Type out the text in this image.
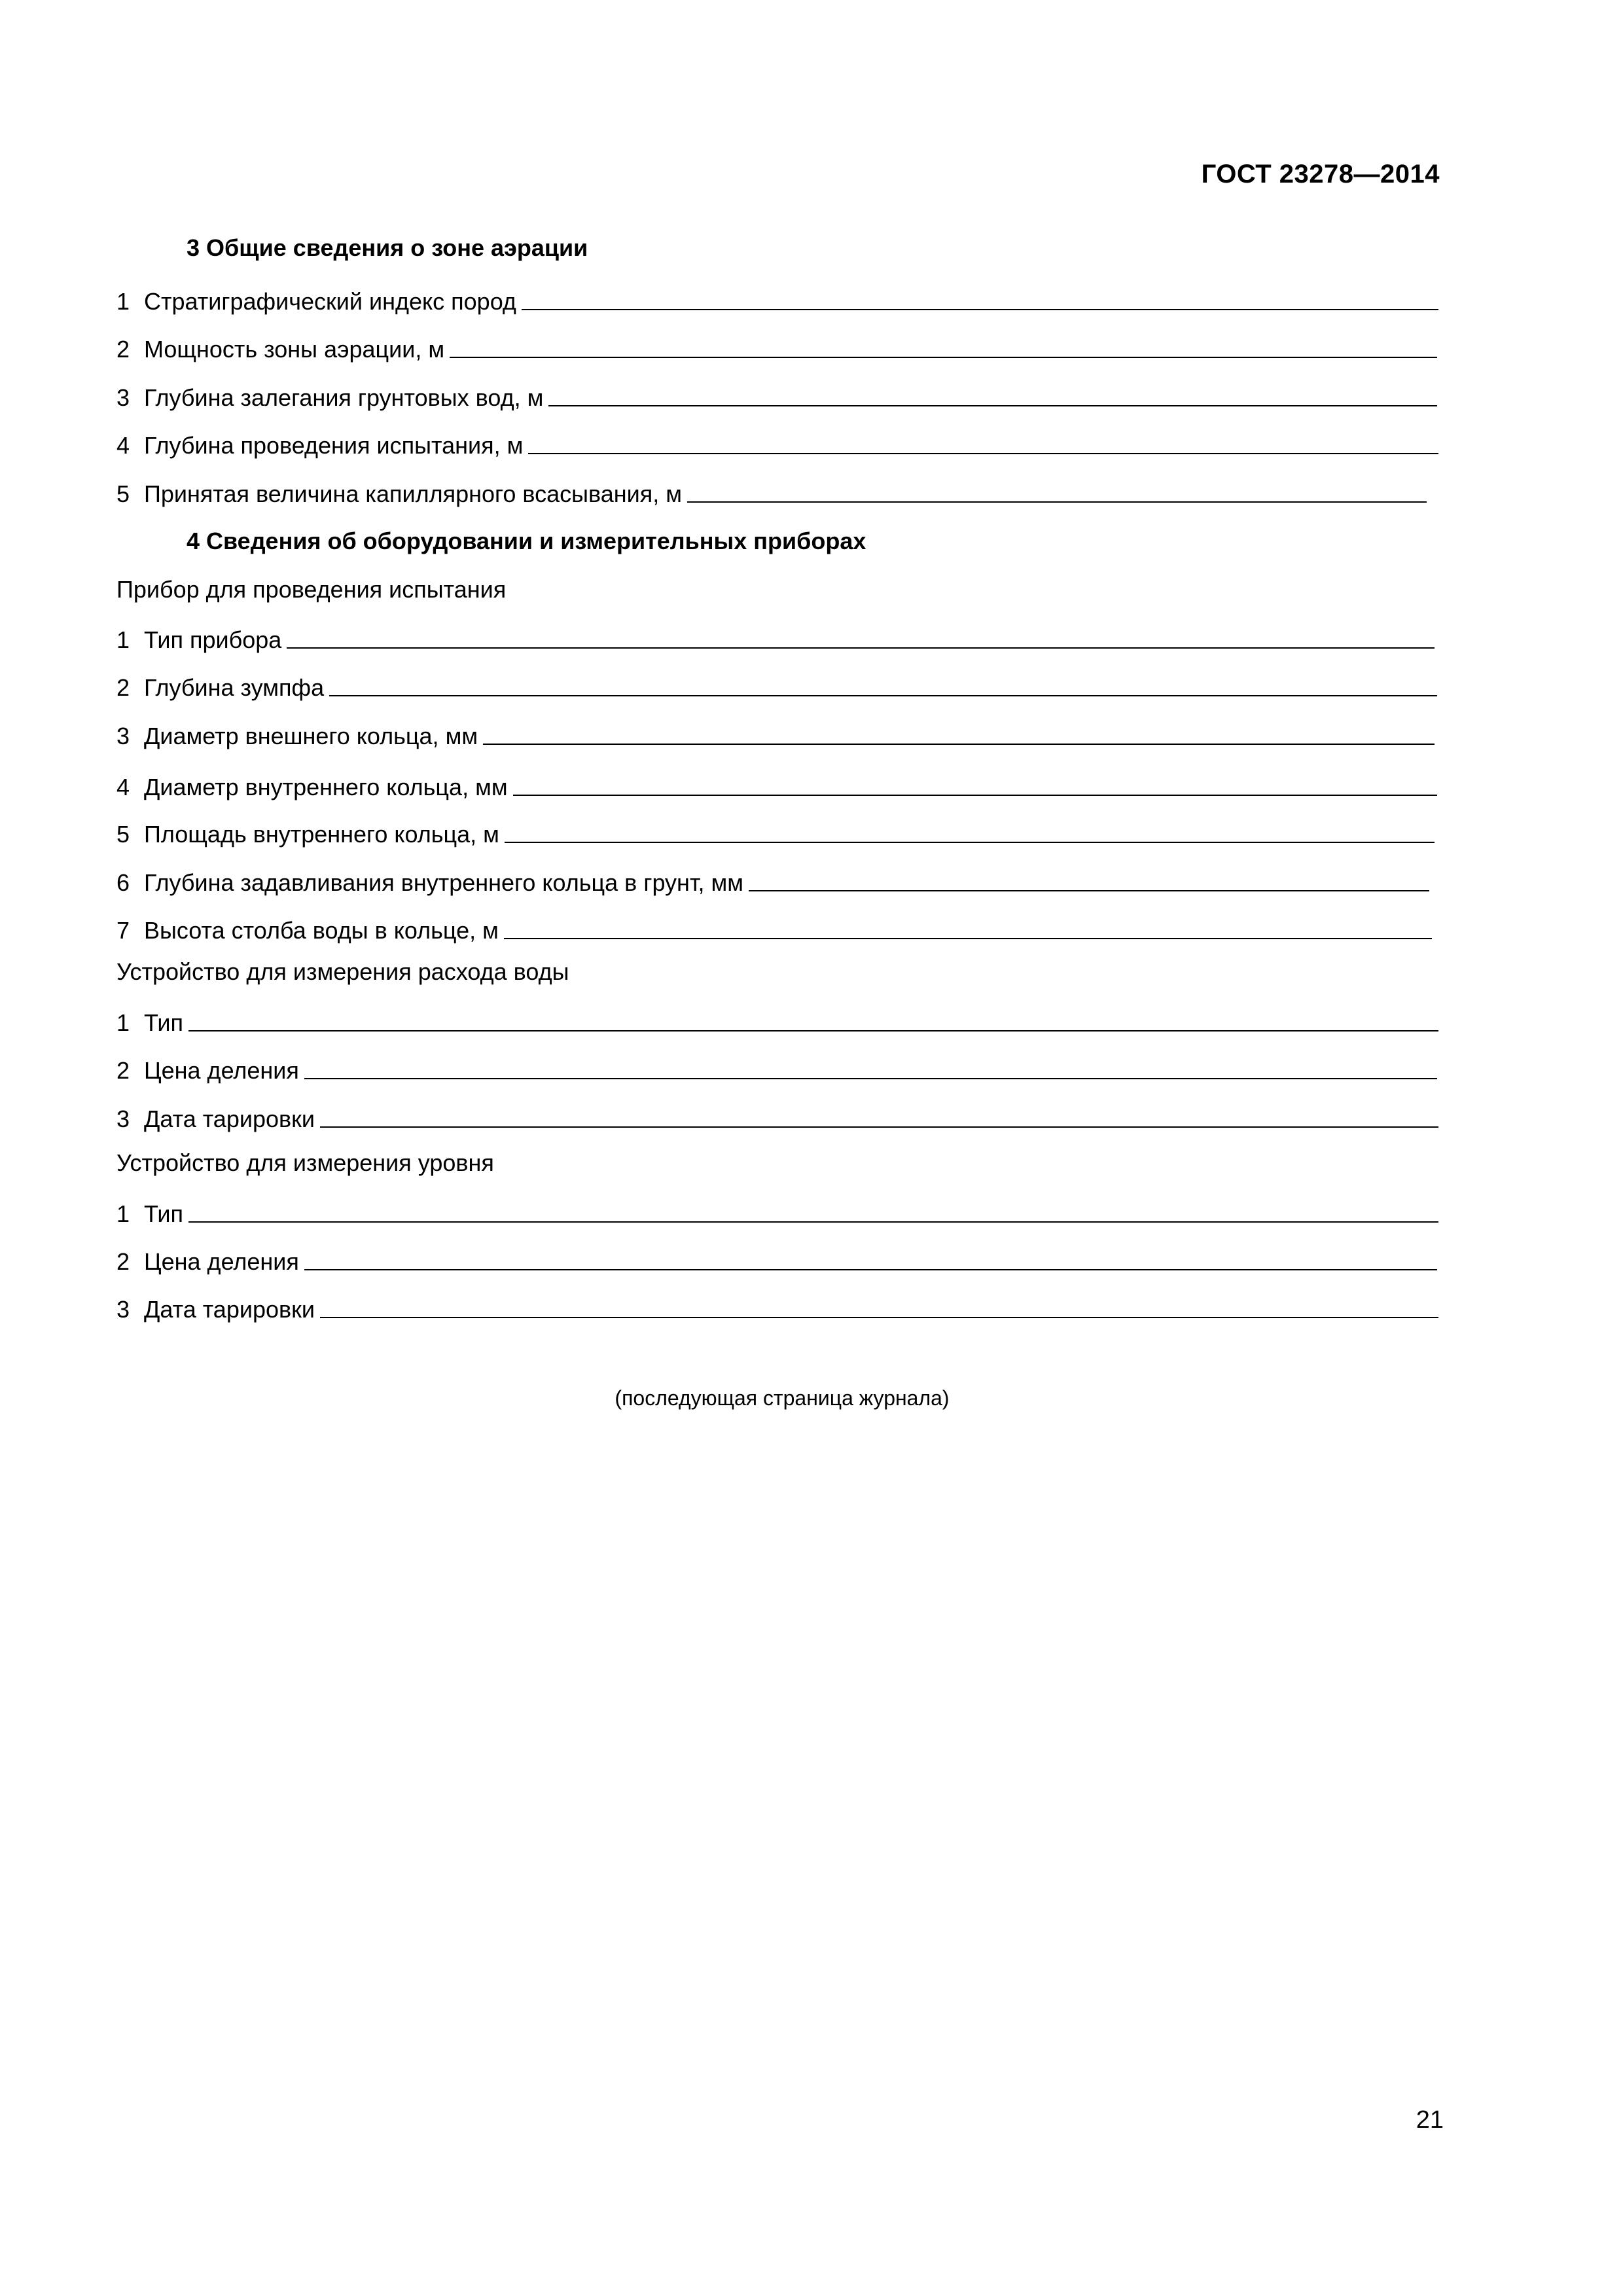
ГОСТ 23278—2014
3 Общие сведения о зоне аэрации
1 Стратиграфический индекс пород
2 Мощность зоны аэрации, м
3 Глубина залегания грунтовых вод, м
4 Глубина проведения испытания, м
5 Принятая величина капиллярного всасывания, м
4 Сведения об оборудовании и измерительных приборах
Прибор для проведения испытания
1 Тип прибора
2 Глубина зумпфа
3 Диаметр внешнего кольца, мм
4 Диаметр внутреннего кольца, мм
5 Площадь внутреннего кольца, м
6 Глубина задавливания внутреннего кольца в грунт, мм
7 Высота столба воды в кольце, м
Устройство для измерения расхода воды
1 Тип
2 Цена деления
3 Дата тарировки
Устройство для измерения уровня
1 Тип
2 Цена деления
3 Дата тарировки
(последующая страница журнала)
21
